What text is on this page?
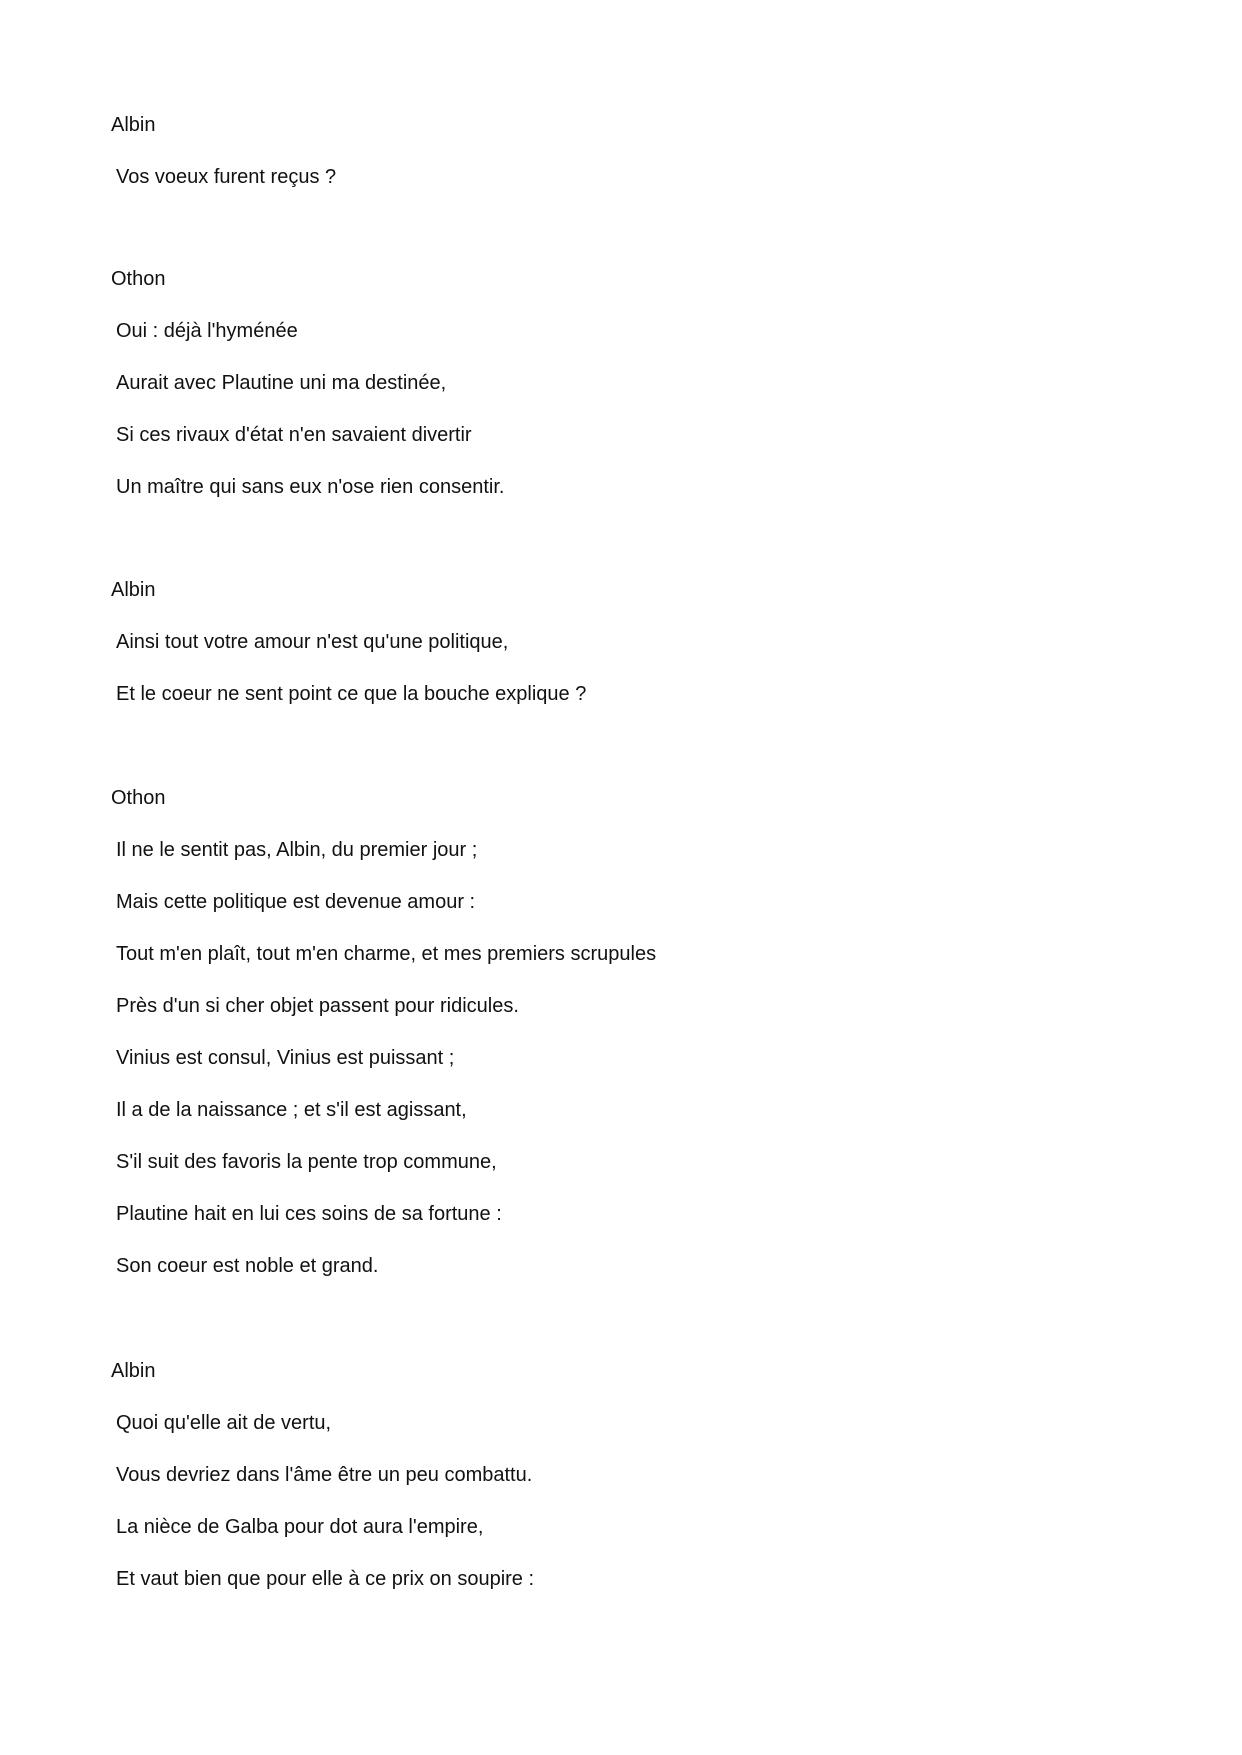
Albin
Vos voeux furent reçus ?
Othon
Oui : déjà l'hyménée
Aurait avec Plautine uni ma destinée,
Si ces rivaux d'état n'en savaient divertir
Un maître qui sans eux n'ose rien consentir.
Albin
Ainsi tout votre amour n'est qu'une politique,
Et le coeur ne sent point ce que la bouche explique ?
Othon
Il ne le sentit pas, Albin, du premier jour ;
Mais cette politique est devenue amour :
Tout m'en plaît, tout m'en charme, et mes premiers scrupules
Près d'un si cher objet passent pour ridicules.
Vinius est consul, Vinius est puissant ;
Il a de la naissance ; et s'il est agissant,
S'il suit des favoris la pente trop commune,
Plautine hait en lui ces soins de sa fortune :
Son coeur est noble et grand.
Albin
Quoi qu'elle ait de vertu,
Vous devriez dans l'âme être un peu combattu.
La nièce de Galba pour dot aura l'empire,
Et vaut bien que pour elle à ce prix on soupire :
